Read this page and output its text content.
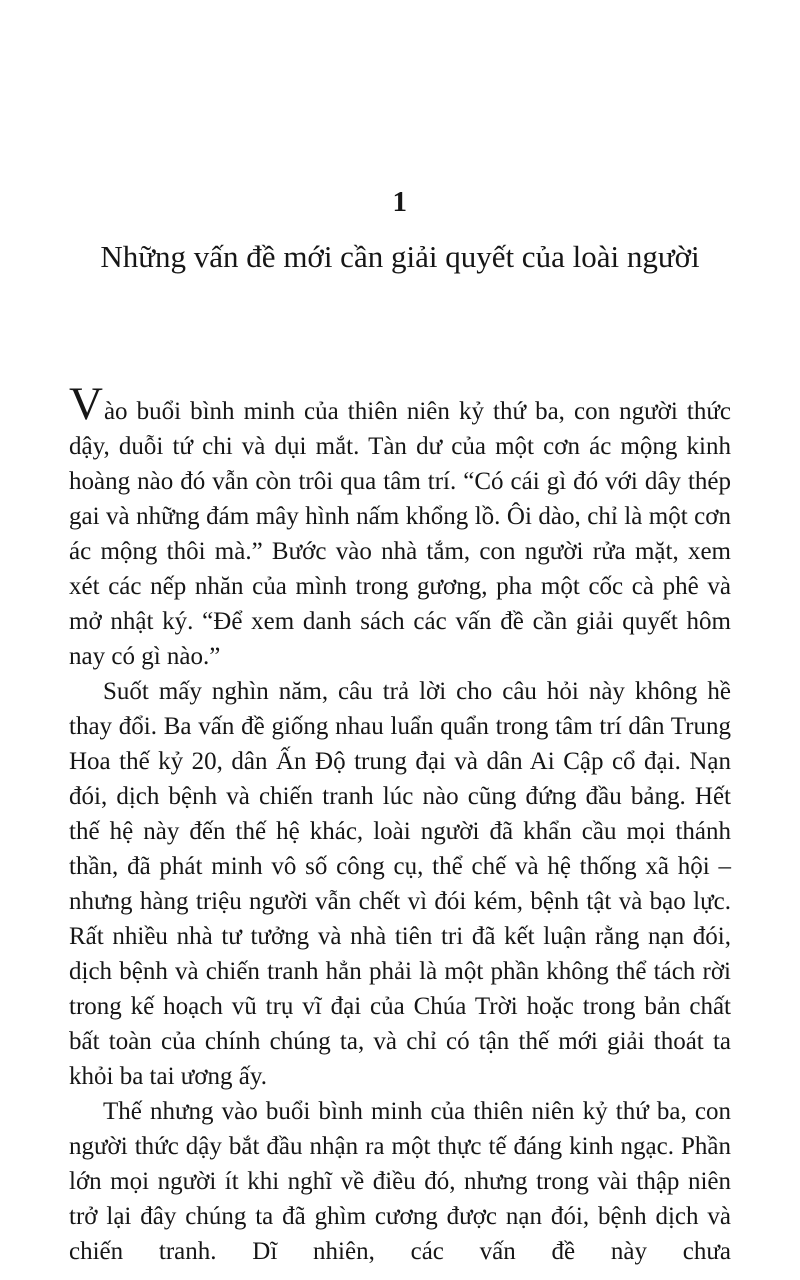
1
Những vấn đề mới cần giải quyết của loài người

Vào buổi bình minh của thiên niên kỷ thứ ba, con người thức dậy, duỗi tứ chi và dụi mắt. Tàn dư của một cơn ác mộng kinh hoàng nào đó vẫn còn trôi qua tâm trí. “Có cái gì đó với dây thép gai và những đám mây hình nấm khổng lồ. Ôi dào, chỉ là một cơn ác mộng thôi mà.” Bước vào nhà tắm, con người rửa mặt, xem xét các nếp nhăn của mình trong gương, pha một cốc cà phê và mở nhật ký. “Để xem danh sách các vấn đề cần giải quyết hôm nay có gì nào.”

Suốt mấy nghìn năm, câu trả lời cho câu hỏi này không hề thay đổi. Ba vấn đề giống nhau luẩn quẩn trong tâm trí dân Trung Hoa thế kỷ 20, dân Ấn Độ trung đại và dân Ai Cập cổ đại. Nạn đói, dịch bệnh và chiến tranh lúc nào cũng đứng đầu bảng. Hết thế hệ này đến thế hệ khác, loài người đã khẩn cầu mọi thánh thần, đã phát minh vô số công cụ, thể chế và hệ thống xã hội – nhưng hàng triệu người vẫn chết vì đói kém, bệnh tật và bạo lực. Rất nhiều nhà tư tưởng và nhà tiên tri đã kết luận rằng nạn đói, dịch bệnh và chiến tranh hẳn phải là một phần không thể tách rời trong kế hoạch vũ trụ vĩ đại của Chúa Trời hoặc trong bản chất bất toàn của chính chúng ta, và chỉ có tận thế mới giải thoát ta khỏi ba tai ương ấy.

Thế nhưng vào buổi bình minh của thiên niên kỷ thứ ba, con người thức dậy bắt đầu nhận ra một thực tế đáng kinh ngạc. Phần lớn mọi người ít khi nghĩ về điều đó, nhưng trong vài thập niên trở lại đây chúng ta đã ghìm cương được nạn đói, bệnh dịch và chiến tranh. Dĩ nhiên, các vấn đề này chưa
